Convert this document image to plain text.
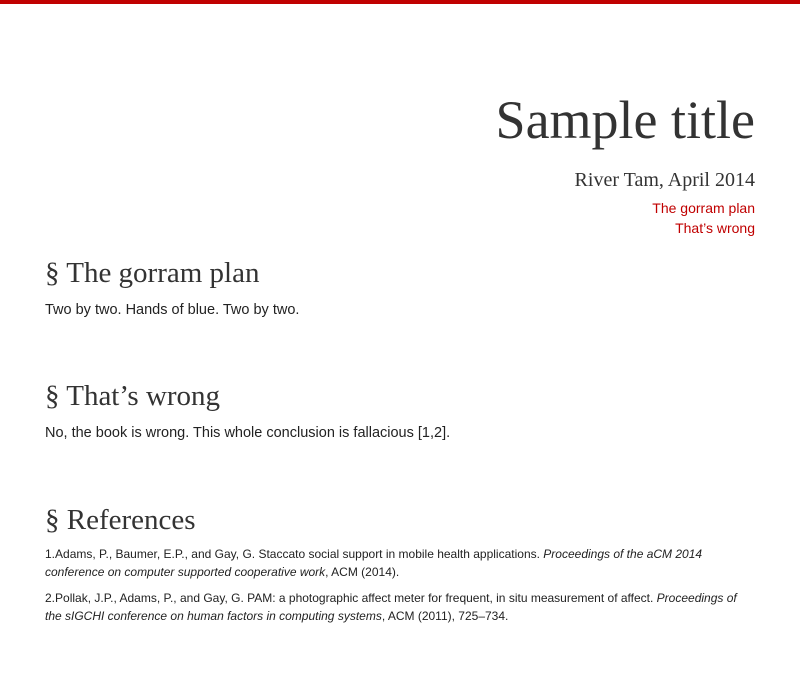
Sample title
River Tam, April 2014
The gorram plan
That’s wrong
§ The gorram plan

Two by two. Hands of blue. Two by two.

§ That’s wrong

No, the book is wrong. This whole conclusion is fallacious [1,2].

§ References
1.Adams, P., Baumer, E.P., and Gay, G. Staccato social support in mobile health applications. Proceedings of the aCM 2014 conference on computer supported cooperative work, ACM (2014).
2.Pollak, J.P., Adams, P., and Gay, G. PAM: a photographic affect meter for frequent, in situ measurement of affect. Proceedings of the sIGCHI conference on human factors in computing systems, ACM (2011), 725–734.
